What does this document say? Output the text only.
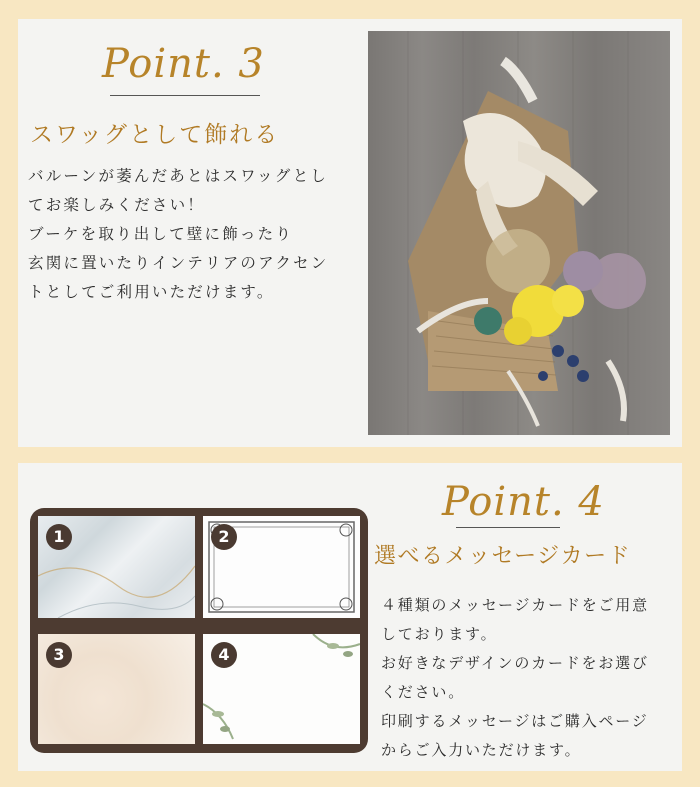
Point. 3
スワッグとして飾れる
バルーンが萎んだあとはスワッグとし
てお楽しみください！
ブーケを取り出して壁に飾ったり
玄関に置いたりインテリアのアクセン
トとしてご利用いただけます。
1	2
3	4
Point. 4
選べるメッセージカード
４種類のメッセージカードをご用意
しております。
お好きなデザインのカードをお選び
ください。
印刷するメッセージはご購入ページ
からご入力いただけます。
